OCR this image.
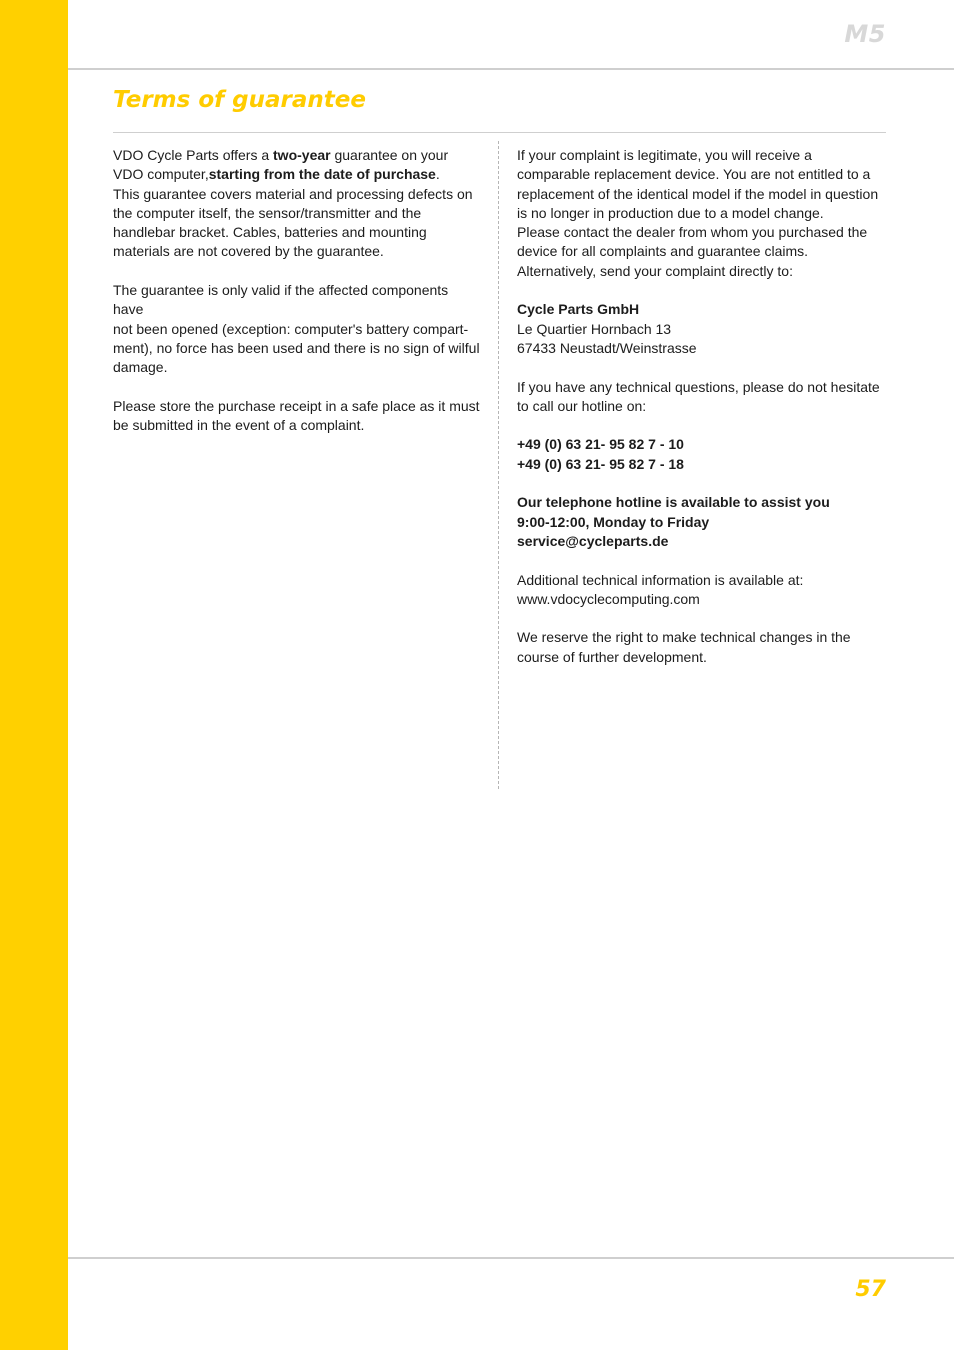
M5
Terms of guarantee

VDO Cycle Parts offers a two-year guarantee on your
VDO computer,starting from the date of purchase.
This guarantee covers material and processing defects on the computer itself, the sensor/transmitter and the handlebar bracket. Cables, batteries and mounting materials are not covered by the guarantee.

The guarantee is only valid if the affected components have
not been opened (exception: computer's battery compart-
ment), no force has been used and there is no sign of wilful
damage.

Please store the purchase receipt in a safe place as it must be submitted in the event of a complaint.

If your complaint is legitimate, you will receive a comparable replacement device. You are not entitled to a replacement of the identical model if the model in question is no longer in production due to a model change.
Please contact the dealer from whom you purchased the device for all complaints and guarantee claims. Alternatively, send your complaint directly to:

Cycle Parts GmbH
Le Quartier Hornbach 13
67433 Neustadt/Weinstrasse

If you have any technical questions, please do not hesitate to call our hotline on:

+49 (0) 63 21- 95 82 7 - 10
+49 (0) 63 21- 95 82 7 - 18

Our telephone hotline is available to assist you
9:00-12:00, Monday to Friday
service@cycleparts.de

Additional technical information is available at:
www.vdocyclecomputing.com

We reserve the right to make technical changes in the course of further development.

57
